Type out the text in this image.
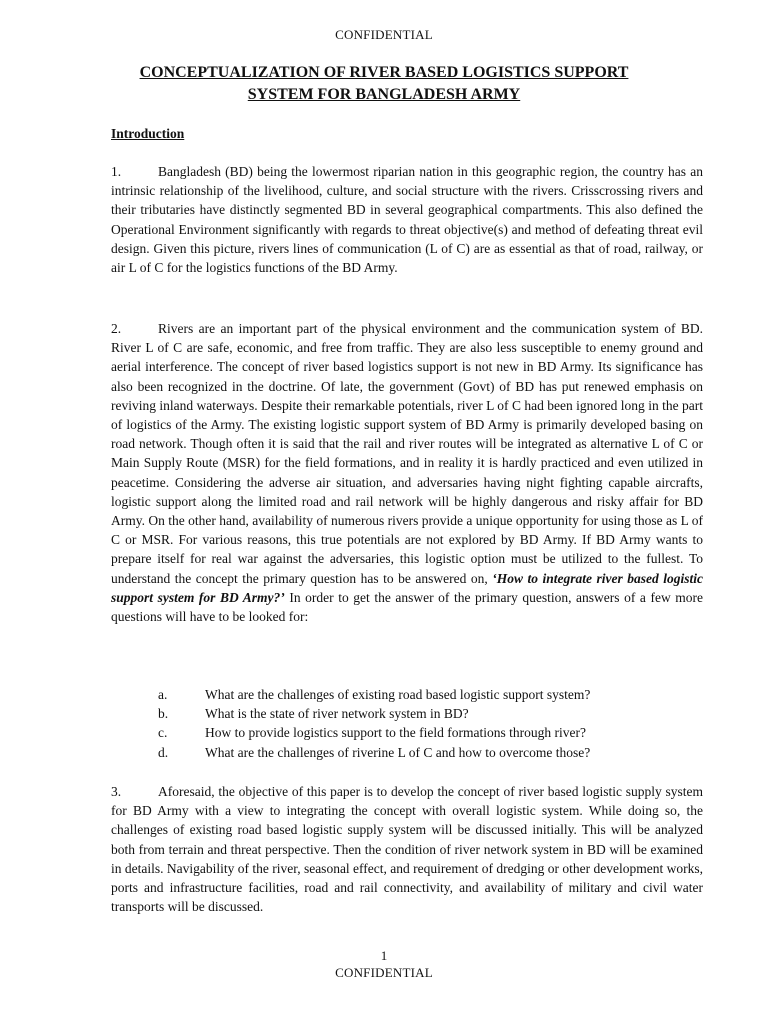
CONFIDENTIAL
CONCEPTUALIZATION OF RIVER BASED LOGISTICS SUPPORT
SYSTEM FOR BANGLADESH ARMY
Introduction
1.	Bangladesh (BD) being the lowermost riparian nation in this geographic region, the country has an intrinsic relationship of the livelihood, culture, and social structure with the rivers. Crisscrossing rivers and their tributaries have distinctly segmented BD in several geographical compartments. This also defined the Operational Environment significantly with regards to threat objective(s) and method of defeating threat evil design. Given this picture, rivers lines of communication (L of C) are as essential as that of road, railway, or air L of C for the logistics functions of the BD Army.
2.	Rivers are an important part of the physical environment and the communication system of BD. River L of C are safe, economic, and free from traffic. They are also less susceptible to enemy ground and aerial interference. The concept of river based logistics support is not new in BD Army. Its significance has also been recognized in the doctrine. Of late, the government (Govt) of BD has put renewed emphasis on reviving inland waterways. Despite their remarkable potentials, river L of C had been ignored long in the part of logistics of the Army. The existing logistic support system of BD Army is primarily developed basing on road network. Though often it is said that the rail and river routes will be integrated as alternative L of C or Main Supply Route (MSR) for the field formations, and in reality it is hardly practiced and even utilized in peacetime. Considering the adverse air situation, and adversaries having night fighting capable aircrafts, logistic support along the limited road and rail network will be highly dangerous and risky affair for BD Army. On the other hand, availability of numerous rivers provide a unique opportunity for using those as L of C or MSR. For various reasons, this true potentials are not explored by BD Army. If BD Army wants to prepare itself for real war against the adversaries, this logistic option must be utilized to the fullest. To understand the concept the primary question has to be answered on, ‘How to integrate river based logistic support system for BD Army?’ In order to get the answer of the primary question, answers of a few more questions will have to be looked for:
a.	What are the challenges of existing road based logistic support system?
b.	What is the state of river network system in BD?
c.	How to provide logistics support to the field formations through river?
d.	What are the challenges of riverine L of C and how to overcome those?
3.	Aforesaid, the objective of this paper is to develop the concept of river based logistic supply system for BD Army with a view to integrating the concept with overall logistic system. While doing so, the challenges of existing road based logistic supply system will be discussed initially. This will be analyzed both from terrain and threat perspective. Then the condition of river network system in BD will be examined in details. Navigability of the river, seasonal effect, and requirement of dredging or other development works, ports and infrastructure facilities, road and rail connectivity, and availability of military and civil water transports will be discussed.
1
CONFIDENTIAL
